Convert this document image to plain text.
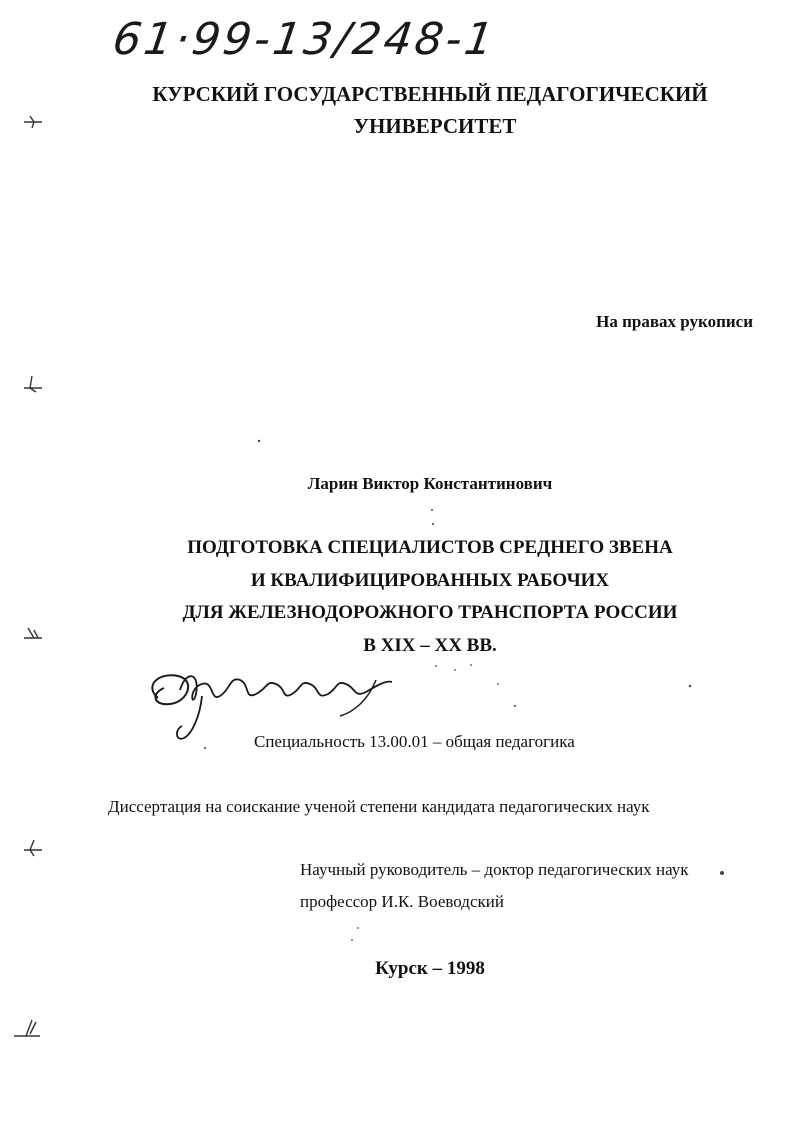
61·99-13/248-1
КУРСКИЙ ГОСУДАРСТВЕННЫЙ ПЕДАГОГИЧЕСКИЙ
УНИВЕРСИТЕТ
На правах рукописи
Ларин Виктор Константинович
ПОДГОТОВКА СПЕЦИАЛИСТОВ СРЕДНЕГО ЗВЕНА
И КВАЛИФИЦИРОВАННЫХ РАБОЧИХ
ДЛЯ ЖЕЛЕЗНОДОРОЖНОГО ТРАНСПОРТА РОССИИ
В XIX – XX ВВ.
Специальность 13.00.01 – общая педагогика
Диссертация на соискание ученой степени кандидата педагогических наук
Научный руководитель – доктор педагогических наук
профессор И.К. Воеводский
Курск – 1998
